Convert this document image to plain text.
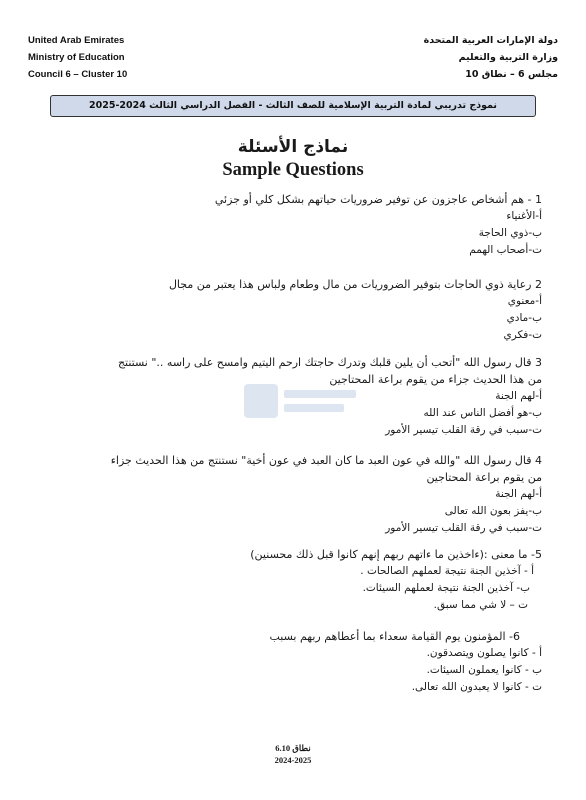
United Arab Emirates
Ministry of Education
Council 6 – Cluster 10
دولة الإمارات العربية المتحدة
وزارة التربية والتعليم
مجلس 6 – نطاق 10
نموذج تدريبي لمادة التربية الإسلامية للصف الثالث - الفصل الدراسي الثالث 2024-2025
نماذج الأسئلة
Sample Questions
1 - هم أشخاص عاجزون عن توفير ضروريات حياتهم بشكل كلي أو جزئي
أ-الأغنياء
ب-ذوي الحاجة
ت-أصحاب الهمم
2 رعاية ذوي الحاجات بتوفير الضروريات من مال وطعام ولباس هذا يعتبر من مجال
أ-معنوي
ب-مادي
ت-فكري
3 قال رسول الله "أتحب أن يلين قلبك وتدرك حاجتك ارحم اليتيم وامسح على راسه .." نستنتج
من هذا الحديث جزاء من يقوم براعة المحتاجين
أ-لهم الجنة
ب-هو أفضل الناس عند الله
ت-سبب في رقة القلب تيسير الأمور
4 قال رسول الله "والله في عون العبد ما كان العبد في عون أخية" نستنتج من هذا الحديث جزاء
من يقوم براعة المحتاجين
أ-لهم الجنة
ب-يفز بعون الله تعالى
ت-سبب في رقة القلب تيسير الأمور
5- ما معنى :(ءاخذين ما ءاتهم ربهم إنهم كانوا قبل ذلك محسنين)
أ - آخذين الجنة نتيجة لعملهم الصالحات .
ب- آخذين الجنة نتيجة لعملهم السيئات.
ت – لا شي مما سبق.
6- المؤمنون يوم القيامة سعداء بما أعطاهم ربهم بسبب
أ - كانوا يصلون ويتصدقون.
ب - كانوا يعملون السيئات.
ت - كانوا لا يعبدون الله تعالى.
نطاق 6.10
2024-2025
